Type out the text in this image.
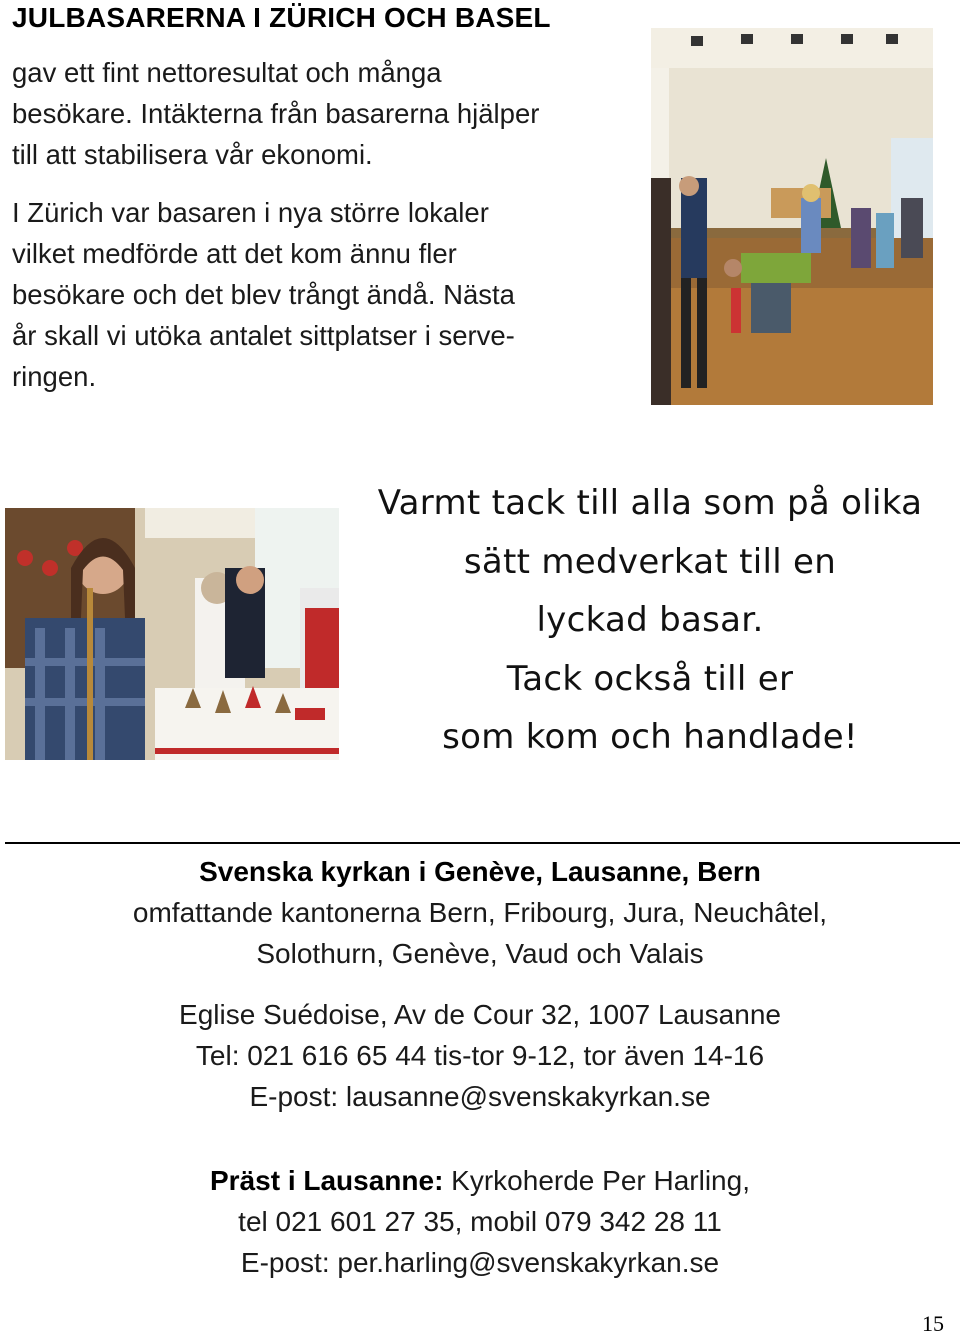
JULBASARERNA I ZÜRICH OCH BASEL
gav ett fint nettoresultat och många
besökare. Intäkterna från basarerna hjälper
till att stabilisera vår ekonomi.
I Zürich var basaren i nya större lokaler
vilket medförde att det kom ännu fler
besökare och det blev trångt ändå. Nästa
år skall vi utöka antalet sittplatser i serve-
ringen.
Varmt tack till alla som på olika
sätt medverkat till en
lyckad basar.
Tack också till er
som kom och handlade!
Svenska kyrkan i Genève, Lausanne, Bern
omfattande kantonerna Bern, Fribourg, Jura, Neuchâtel,
Solothurn, Genève, Vaud och Valais
Eglise Suédoise, Av de Cour 32, 1007 Lausanne
Tel: 021 616 65 44 tis-tor 9-12, tor även 14-16
E-post: lausanne@svenskakyrkan.se
Präst i Lausanne: Kyrkoherde Per Harling,
tel 021 601 27 35, mobil 079 342 28 11
E-post: per.harling@svenskakyrkan.se
15
